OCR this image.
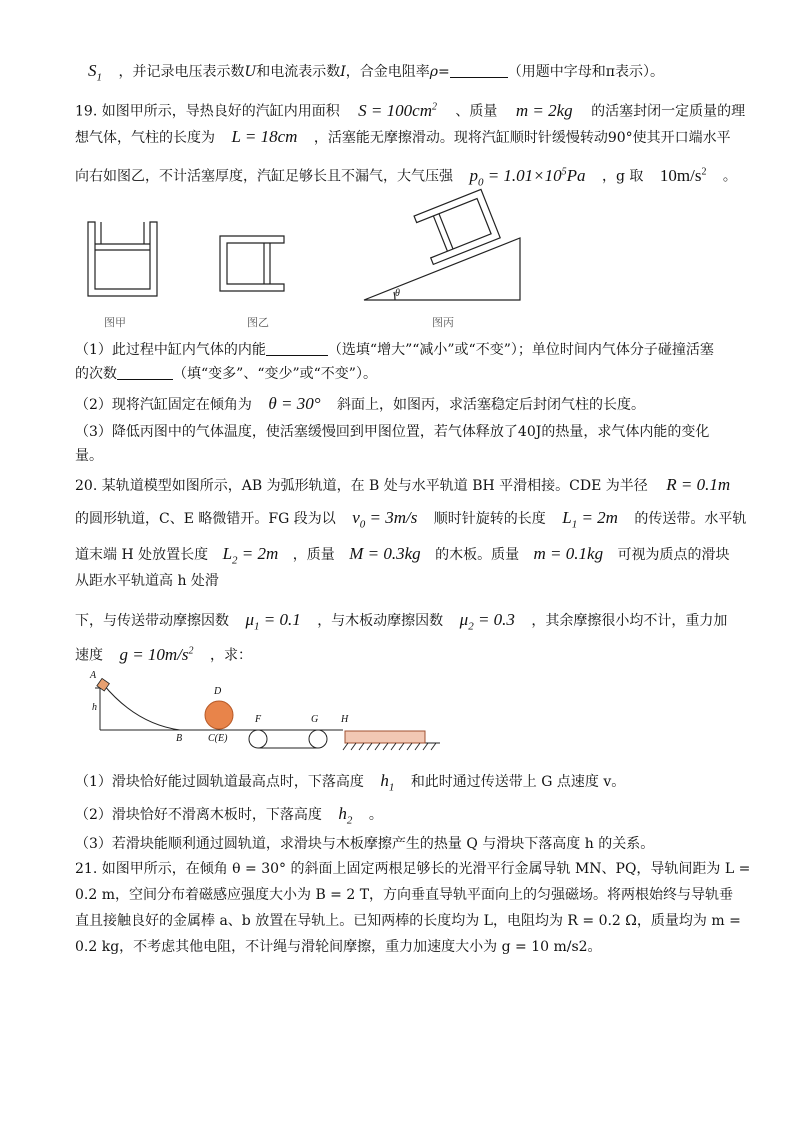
$S_1$ ，并记录电压表示数U和电流表示数I，合金电阻率ρ=	（用题中字母和π表示）。
19. 如图甲所示，导热良好的汽缸内用面积 $S = 100cm^2$ 、质量 m = 2kg 的活塞封闭一定质量的理
想气体，气柱的长度为 L = 18cm ，活塞能无摩擦滑动。现将汽缸顺时针缓慢转动90°使其开口端水平
向右如图乙，不计活塞厚度，汽缸足够长且不漏气，大气压强 $p_0 = 1.01\times 10^5Pa$ ，g 取 $10m/s^2$ 。
θ
图甲	图乙	图丙
（1）此过程中缸内气体的内能	（选填“增大”“减小”或“不变”）；单位时间内气体分子碰撞活塞
的次数	（填“变多”、“变少”或“不变”）。
（2）现将汽缸固定在倾角为 θ = 30° 斜面上，如图丙，求活塞稳定后封闭气柱的长度。
（3）降低丙图中的气体温度，使活塞缓慢回到甲图位置，若气体释放了40J的热量，求气体内能的变化
量。
20. 某轨道模型如图所示，AB 为弧形轨道，在 B 处与水平轨道 BH 平滑相接。CDE 为半径 R = 0.1m
的圆形轨道，C、E 略微错开。FG 段为以 $v_0 = 3m/s$ 顺时针旋转的长度 $L_1 = 2m$ 的传送带。水平轨
道末端 H 处放置长度 $L_2 = 2m$ ，质量 M = 0.3kg 的木板。质量 m = 0.1kg 可视为质点的滑块
从距水平轨道高 h 处滑
下，与传送带动摩擦因数 $\mu_1 = 0.1$ ，与木板动摩擦因数 $\mu_2 = 0.3$ ，其余摩擦很小均不计，重力加
速度 $g = 10m/s^2$ ，求：
A
h
B
D
C(E)
F	G H
（1）滑块恰好能过圆轨道最高点时，下落高度 $h_1$ 和此时通过传送带上 G 点速度 v。
（2）滑块恰好不滑离木板时，下落高度 $h_2$ 。
（3）若滑块能顺利通过圆轨道，求滑块与木板摩擦产生的热量 Q 与滑块下落高度 h 的关系。
21. 如图甲所示，在倾角 θ = 30° 的斜面上固定两根足够长的光滑平行金属导轨 MN、PQ，导轨间距为 L =
0.2 m，空间分布着磁感应强度大小为 B = 2 T，方向垂直导轨平面向上的匀强磁场。将两根始终与导轨垂
直且接触良好的金属棒 a、b 放置在导轨上。已知两棒的长度均为 L，电阻均为 R = 0.2 Ω，质量均为 m =
0.2 kg，不考虑其他电阻，不计绳与滑轮间摩擦，重力加速度大小为 g = 10 m/s2。
